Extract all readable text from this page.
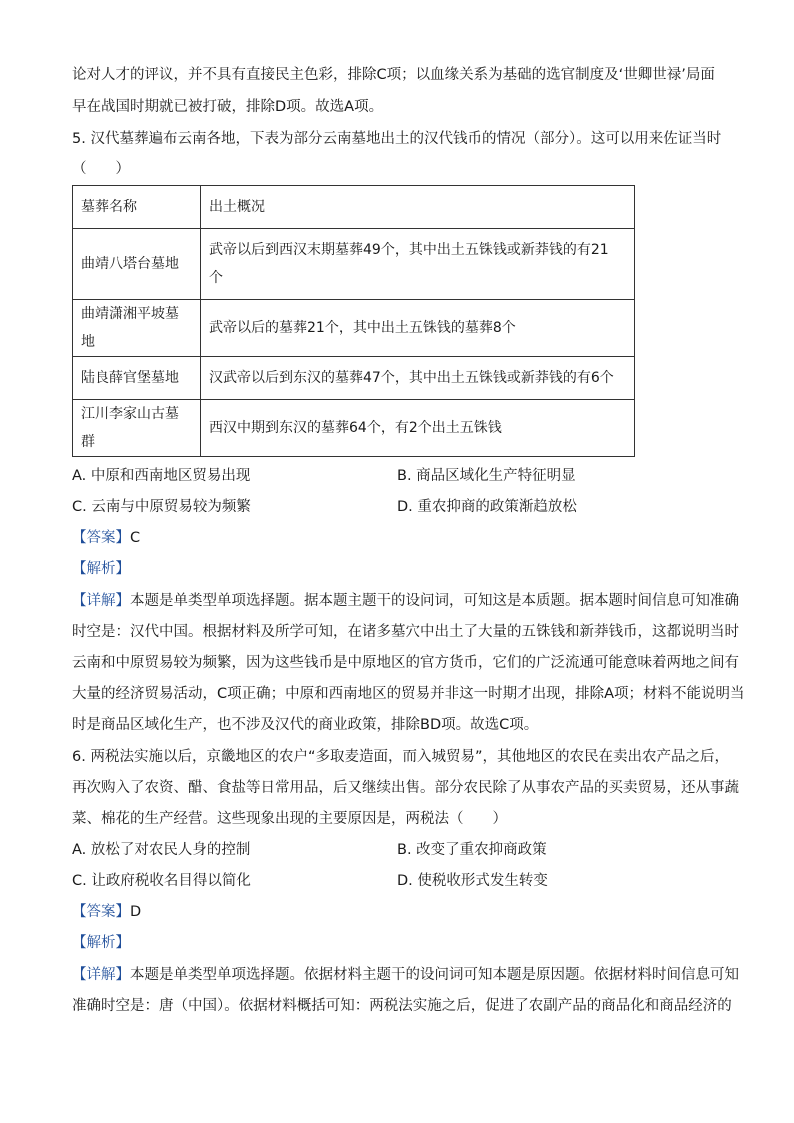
论对人才的评议，并不具有直接民主色彩，排除C项；以血缘关系为基础的选官制度及‘世卿世禄’局面
早在战国时期就已被打破，排除D项。故选A项。
5. 汉代墓葬遍布云南各地，下表为部分云南墓地出土的汉代钱币的情况（部分）。这可以用来佐证当时
（　　）
墓葬名称	出土概况
曲靖八塔台墓地	武帝以后到西汉末期墓葬49个，其中出土五铢钱或新莽钱的有21个

曲靖潇湘平坡墓地	武帝以后的墓葬21个，其中出土五铢钱的墓葬8个
陆良薛官堡墓地	汉武帝以后到东汉的墓葬47个，其中出土五铢钱或新莽钱的有6个
江川李家山古墓群	西汉中期到东汉的墓葬64个，有2个出土五铢钱
A. 中原和西南地区贸易出现	B. 商品区域化生产特征明显
C. 云南与中原贸易较为频繁	D. 重农抑商的政策渐趋放松
【答案】C
【解析】
【详解】本题是单类型单项选择题。据本题主题干的设问词，可知这是本质题。据本题时间信息可知准确
时空是：汉代中国。根据材料及所学可知，在诸多墓穴中出土了大量的五铢钱和新莽钱币，这都说明当时
云南和中原贸易较为频繁，因为这些钱币是中原地区的官方货币，它们的广泛流通可能意味着两地之间有
大量的经济贸易活动，C项正确；中原和西南地区的贸易并非这一时期才出现，排除A项；材料不能说明当
时是商品区域化生产，也不涉及汉代的商业政策，排除BD项。故选C项。
6. 两税法实施以后，京畿地区的农户“多取麦造面，而入城贸易”，其他地区的农民在卖出农产品之后，
再次购入了农资、醋、食盐等日常用品，后又继续出售。部分农民除了从事农产品的买卖贸易，还从事蔬
菜、棉花的生产经营。这些现象出现的主要原因是，两税法（　　）
A. 放松了对农民人身的控制	B. 改变了重农抑商政策
C. 让政府税收名目得以简化	D. 使税收形式发生转变
【答案】D
【解析】
【详解】本题是单类型单项选择题。依据材料主题干的设问词可知本题是原因题。依据材料时间信息可知
准确时空是：唐（中国）。依据材料概括可知：两税法实施之后，促进了农副产品的商品化和商品经济的
